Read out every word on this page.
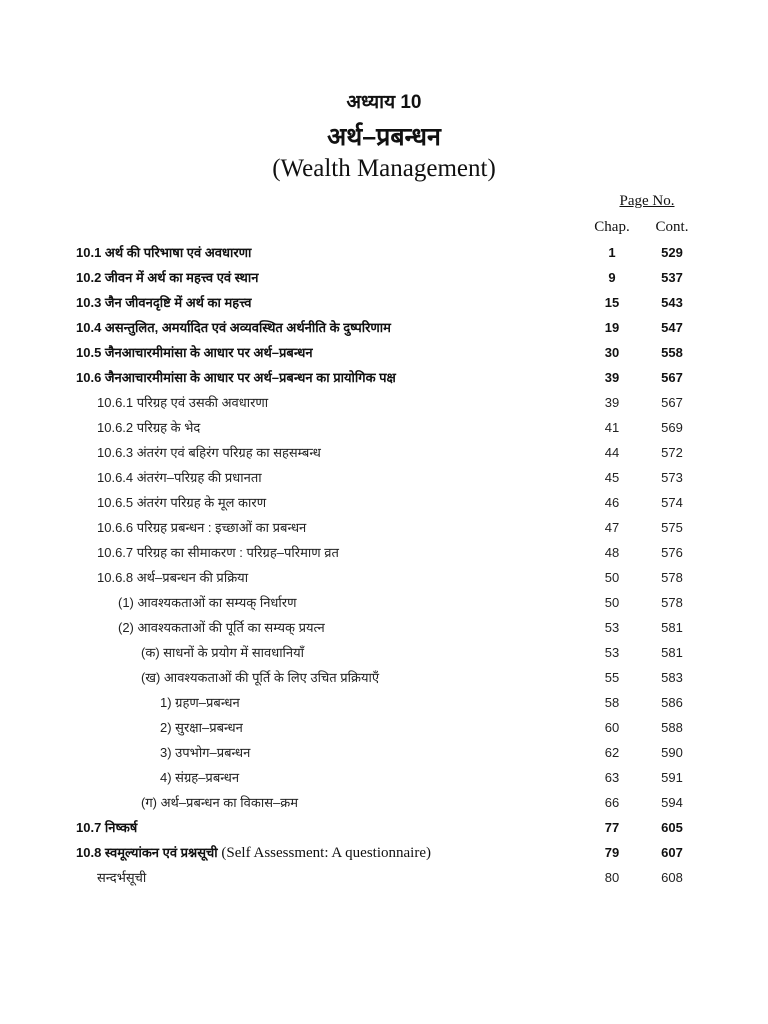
अध्याय 10
अर्थ–प्रबन्धन
(Wealth Management)
Page No.
Chap.	Cont.
10.1 अर्थ की परिभाषा एवं अवधारणा	1	529
10.2 जीवन में अर्थ का महत्त्व एवं स्थान	9	537
10.3 जैन जीवनदृष्टि में अर्थ का महत्त्व	15	543
10.4 असन्तुलित, अमर्यादित एवं अव्यवस्थित अर्थनीति के दुष्परिणाम	19	547
10.5 जैनआचारमीमांसा के आधार पर अर्थ–प्रबन्धन	30	558
10.6 जैनआचारमीमांसा के आधार पर अर्थ–प्रबन्धन का प्रायोगिक पक्ष	39	567
10.6.1 परिग्रह एवं उसकी अवधारणा	39	567
10.6.2 परिग्रह के भेद	41	569
10.6.3 अंतरंग एवं बहिरंग परिग्रह का सहसम्बन्ध	44	572
10.6.4 अंतरंग–परिग्रह की प्रधानता	45	573
10.6.5 अंतरंग परिग्रह के मूल कारण	46	574
10.6.6 परिग्रह प्रबन्धन : इच्छाओं का प्रबन्धन	47	575
10.6.7 परिग्रह का सीमाकरण : परिग्रह–परिमाण व्रत	48	576
10.6.8 अर्थ–प्रबन्धन की प्रक्रिया	50	578
(1) आवश्यकताओं का सम्यक् निर्धारण	50	578
(2) आवश्यकताओं की पूर्ति का सम्यक् प्रयत्न	53	581
(क) साधनों के प्रयोग में सावधानियाँ	53	581
(ख) आवश्यकताओं की पूर्ति के लिए उचित प्रक्रियाएँ	55	583
1) ग्रहण–प्रबन्धन	58	586
2) सुरक्षा–प्रबन्धन	60	588
3) उपभोग–प्रबन्धन	62	590
4) संग्रह–प्रबन्धन	63	591
(ग) अर्थ–प्रबन्धन का विकास–क्रम	66	594
10.7 निष्कर्ष	77	605
10.8 स्वमूल्यांकन एवं प्रश्नसूची (Self Assessment: A questionnaire)	79	607
सन्दर्भसूची	80	608
